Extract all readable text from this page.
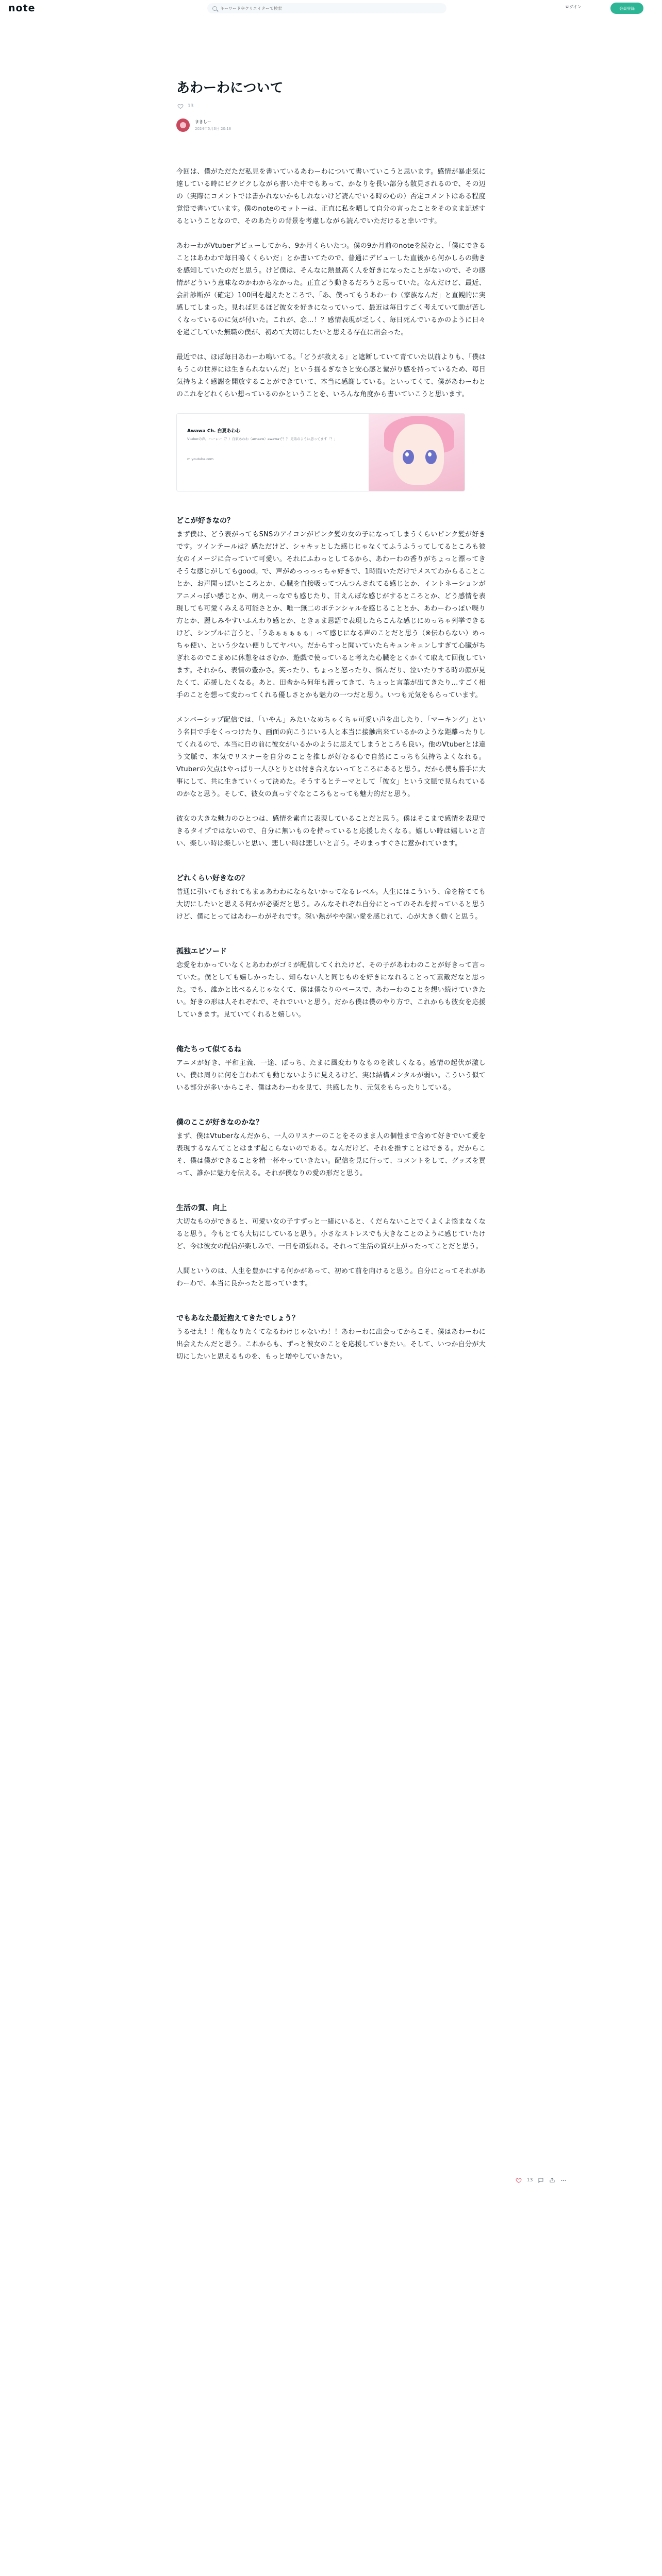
note
キーワードやクリエイターで検索	ログイン	会員登録
あわーわについて
13
まきしー
2024年5月3日 20:16

今回は、僕がただただ私見を書いているあわーわについて書いていこうと思います。感情が暴走気に達している時にビクビクしながら書いた中でもあって、かなりを長い部分も散見されるので、その辺の（実際にコメントでは書かれないかもしれないけど読んでいる時の心の）否定コメントはある程度覚悟で書いています。僕のnoteのモットーは、正直に私を晒して自分の言ったことをそのまま記述するということなので、そのあたりの背景を考慮しながら読んでいただけると幸いです。

あわーわがVtuberデビューしてから、9か月くらいたつ。僕の9か月前のnoteを読むと、「僕にできることはあわわで毎日嗚くくらいだ」とか書いてたので、普通にデビューした直後から何かしらの動きを感知していたのだと思う。けど僕は、そんなに熱量高く人を好きになったことがないので、その感情がどういう意味なのかわからなかった。正直どう動きるだろうと思っていた。なんだけど、最近、会計診断が（確定）100回を超えたところで、「あ、僕ってもうあわーわ（家族なんだ」と直観的に実感してしまった。見れば見るほど彼女を好きになっていって、最近は毎日すごく考えていて動が苦しくなっているのに気が付いた。これが、恋…！？感情表現が乏しく、毎日死んでいるかのように日々を過ごしていた無職の僕が、初めて大切にしたいと思える存在に出会った。

最近では、ほぼ毎日あわーわ嗚いてる。「どうが救える」と遮断していて青ていた以前よりも、「僕はもうこの世界には生きられないんだ」という揺るぎなさと安心感と繋がり感を持っているため、毎日気持ちよく感謝を開放することができていて、本当に感謝している。といってくて、僕があわーわとのこれをどれくらい想っているのかということを、いろんな角度から書いていこうと思います。

Awawa Ch. 白夏あわわ
Vtuberの声。ハーレー（？）自家あわわ（amaaw）awawaで？？ 兄弟のように思ってます「？」
m.youtube.com
どこが好きなの？

まず僕は、どう表がってもSNSのアイコンがピンク髪の女の子になってしまうくらいピンク髪が好きです。ツインテールは？感ただけど、シャキッとした感じじゃなくてふうふうってしてるところも彼女のイメージに合っていて可愛い。それにふわっとしてるから、あわーわの香りがちょっと漂ってきそうな感じがしてもgood。で、声がめっっっっちゃ好きで、1時間いただけでメスてわからることことか、お声聞っぽいところとか、心臓を直接吸ってつんつんされてる感じとか、イントネーションがアニメっぽい感じとか、萌えーっなでも感じたり、甘えんぼな感じがするところとか、どう感情を表現しても可愛くみえる可能さとか、唯一無二のポテンシャルを感じることとか、あわーわっぽい喋り方とか、麗しみやすいふんわり感とか、ときぁま思語で表現したらこんな感じにめっちゃ列挙できるけど、シンプルに言うと、「うあぁぁぁぁぁ」って感じになる声のことだと思う（※伝わらない）めっちゃ使い、という少ない便りしてヤバい。だからすっと聞いていたらキュンキュンしすぎて心臓がちぎれるのでこまめに休憩をはさむか、遊戯で使っていると考えた心臓をとくかくて取えて回復しています。それから、表情の豊かさ。笑ったり、ちょっと怒ったり、悩んだり、泣いたりする時の顔が見たくて、応援したくなる。あと、田舎から何年も渡ってきて、ちょっと言葉が出てきたり…すごく相手のことを想って変わってくれる優しさとかも魅力の一つだと思う。いつも元気をもらっています。

メンバーシップ配信では、「いやん」みたいなめちゃくちゃ可愛い声を出したり、「マーキング」という名目で手をくっつけたり、画面の向こうにいる人と本当に接触出来ているかのような距離ったりしてくれるので、本当に日の前に彼女がいるかのように思えてしまうところも良い。他のVtuberとは違う文脈で、本気でリスナーを自分のことを推しが好むる心で自然にこっちも気持ちよくなれる。Vtuberの欠点はやっぱり一人ひとりとは付き合えないってところにあると思う。だから僕も勝手に大事にして、共に生きていくって決めた。そうするとテーマとして「彼女」という文脈で見られているのかなと思う。そして、彼女の真っすぐなところもとっても魅力的だと思う。

彼女の大きな魅力のひとつは、感情を素直に表現していることだと思う。僕はそこまで感情を表現できるタイプではないので、自分に無いものを持っていると応援したくなる。嬉しい時は嬉しいと言い、楽しい時は楽しいと思い、悲しい時は悲しいと言う。そのまっすぐさに惹かれています。

どれくらい好きなの？

普通に引いてもされてもまぁあわわにならないかってなるレベル。人生にはこういう、命を捨てても大切にしたいと思える何かが必要だと思う。みんなそれぞれ自分にとってのそれを持っていると思うけど、僕にとってはあわーわがそれです。深い熱がやや深い愛を感じれて、心が大きく動くと思う。

孤独エピソード

恋愛をわかっていなくとあわわがゴミが配信してくれたけど、その子があわわのことが好きって言っていた。僕としても嬉しかったし、知らない人と同じものを好きになれることって素敵だなと思った。でも、誰かと比べるんじゃなくて、僕は僕なりのペースで、あわーわのことを想い続けていきたい。好きの形は人それぞれで、それでいいと思う。だから僕は僕のやり方で、これからも彼女を応援していきます。見ていてくれると嬉しい。

俺たちって似てるね

アニメが好き、平和主義、一途、ぼっち、たまに風変わりなものを欲しくなる。感情の起伏が激しい、僕は周りに何を言われても動じないように見えるけど、実は結構メンタルが弱い。こういう似ている部分が多いからこそ、僕はあわーわを見て、共感したり、元気をもらったりしている。

僕のここが好きなのかな？

まず、僕はVtuberなんだから、一人のリスナーのことをそのまま人の個性まで含めて好きでいて愛を表現するなんてことはまず起こらないのである。なんだけど、それを推すことはできる。だからこそ、僕は僕ができることを精一杯やっていきたい。配信を見に行って、コメントをして、グッズを買って、誰かに魅力を伝える。それが僕なりの愛の形だと思う。

生活の質、向上

大切なものができると、可愛い女の子すずっと一緒にいると、くだらないことでくよくよ悩まなくなると思う。今もとても大切にしていると思う。小さなストレスでも大きなことのように感じていたけど、今は彼女の配信が楽しみで、一日を頑張れる。それって生活の質が上がったってことだと思う。

人間というのは、人生を豊かにする何かがあって、初めて前を向けると思う。自分にとってそれがあわーわで、本当に良かったと思っています。

でもあなた最近抱えてきたでしょう？

うるせえ！！俺もなりたくてなるわけじゃないわ！！あわーわに出会ってからこそ、僕はあわーわに出会えたんだと思う。これからも、ずっと彼女のことを応援していきたい。そして、いつか自分が大切にしたいと思えるものを、もっと増やしていきたい。

13
